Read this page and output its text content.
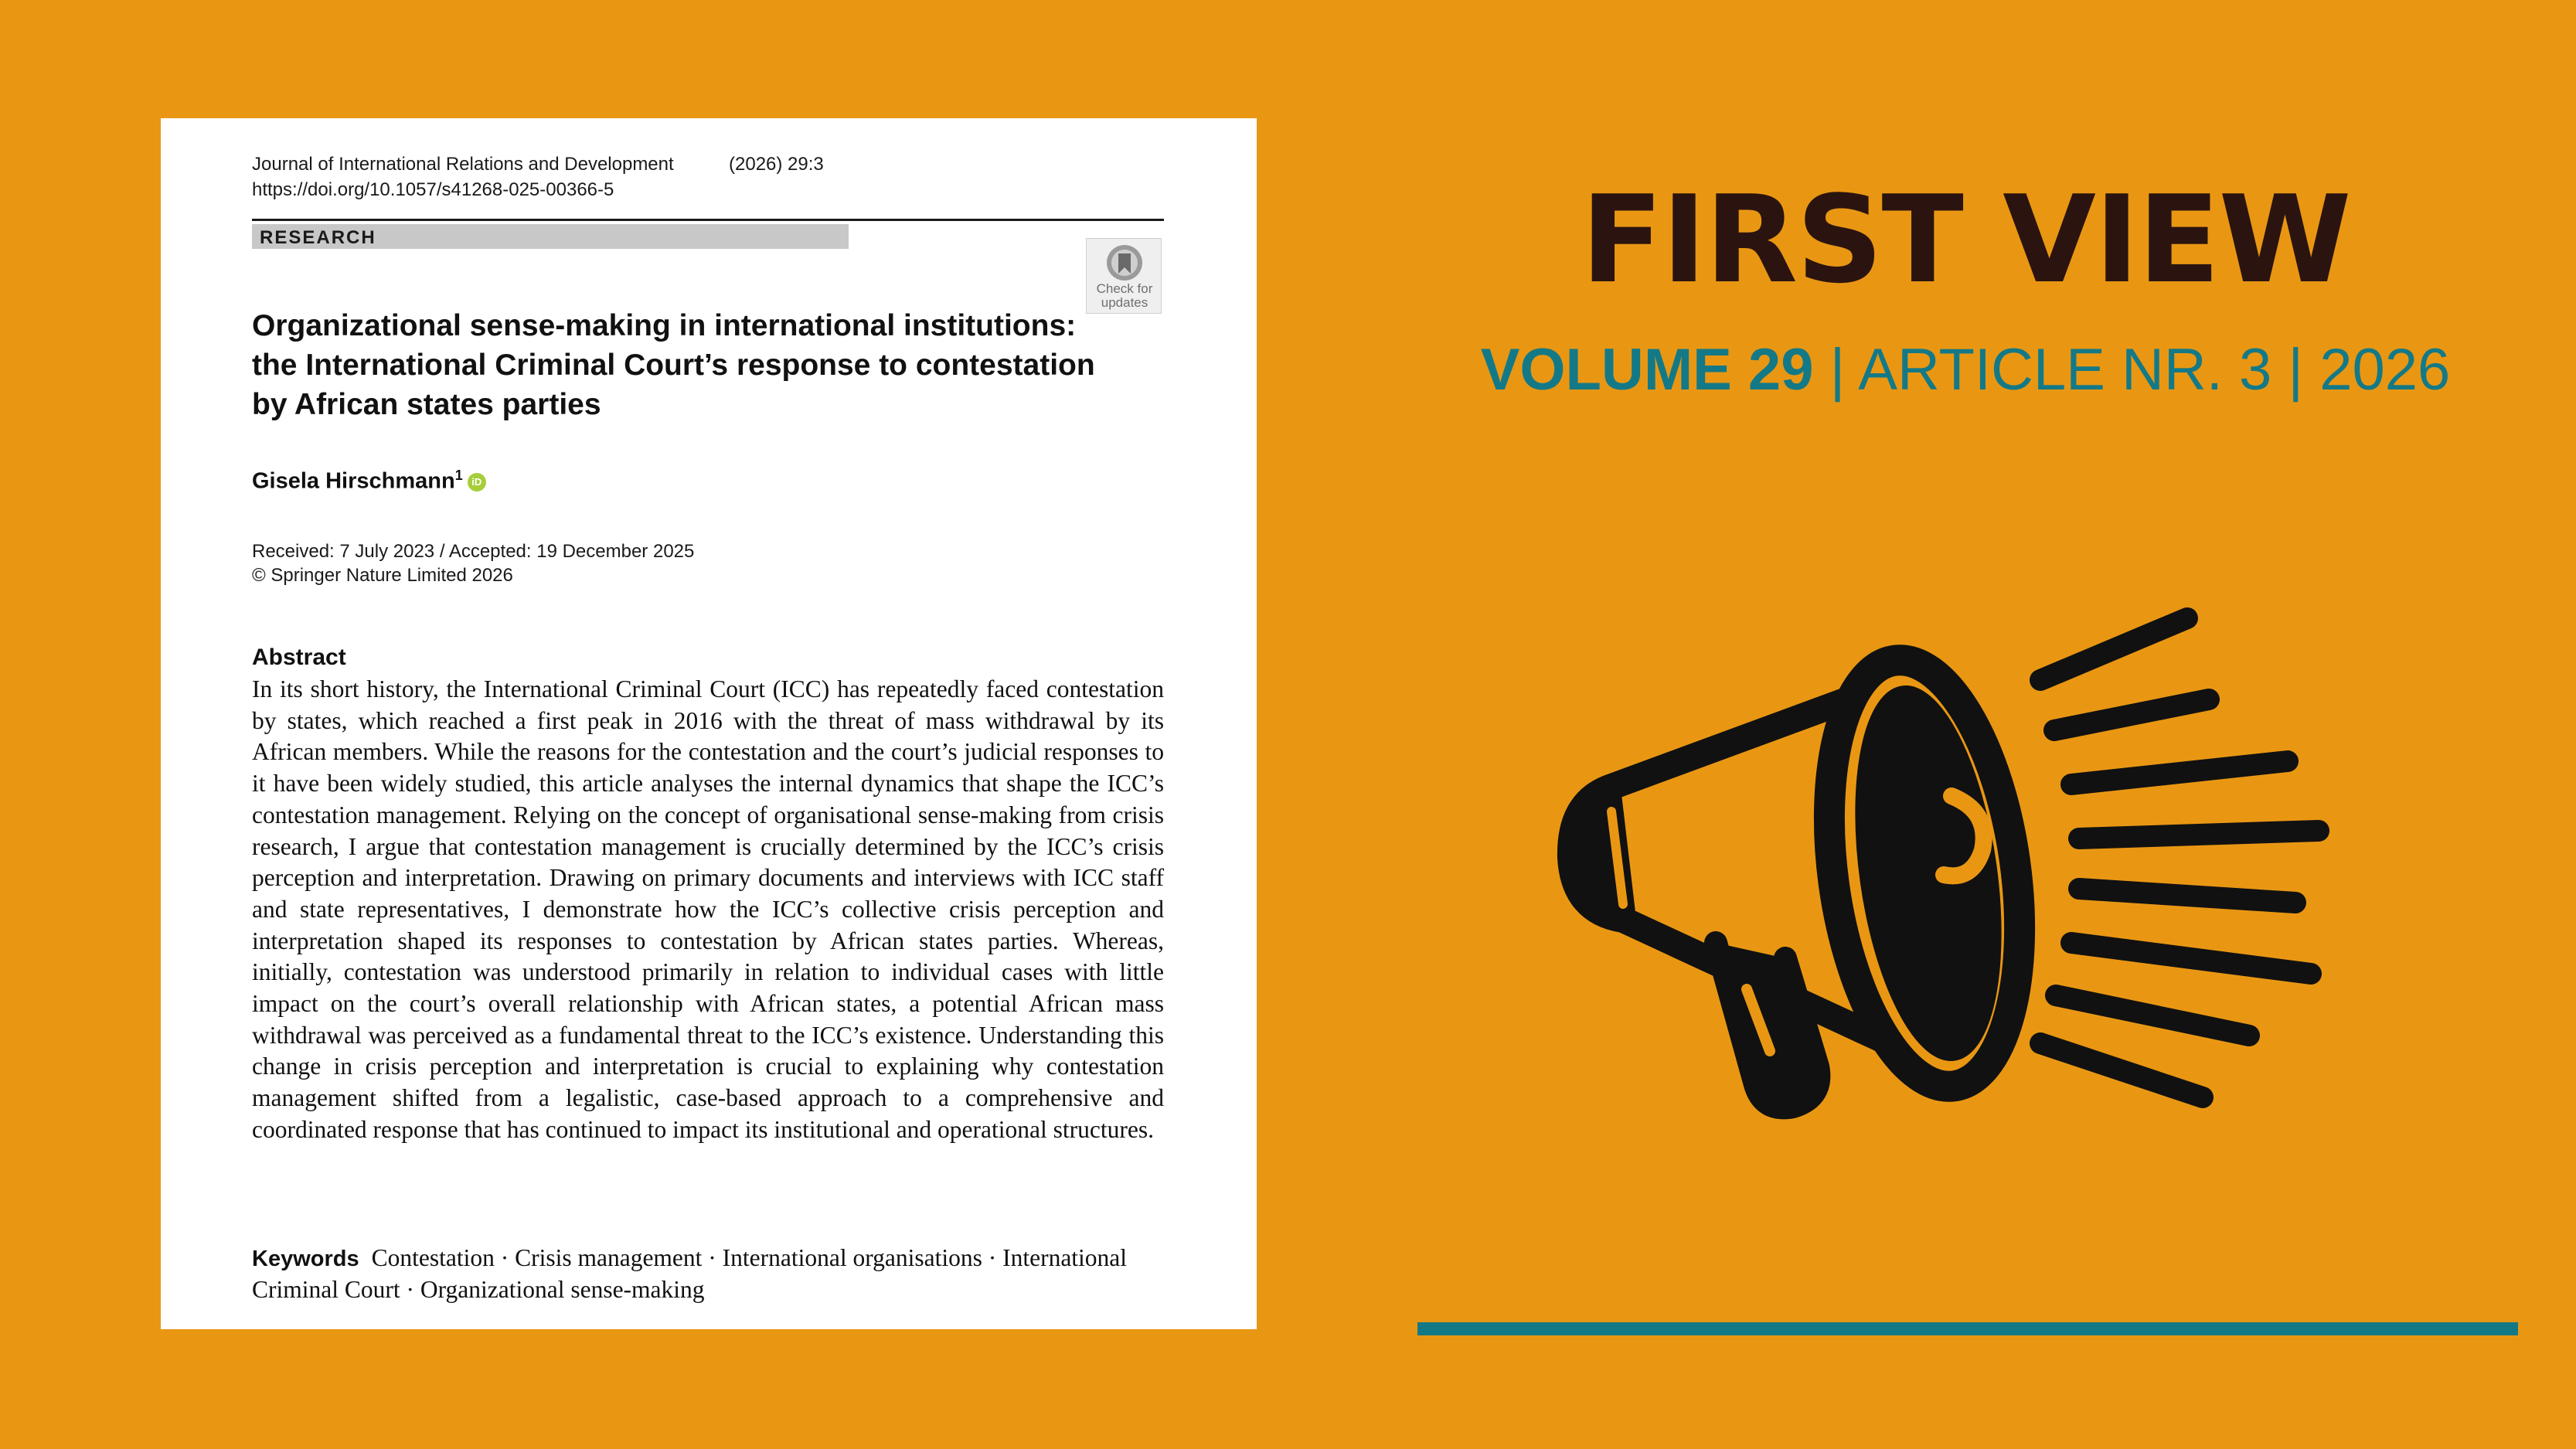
Journal of International Relations and Development	(2026) 29:3
https://doi.org/10.1057/s41268-025-00366-5
RESEARCH
Check for updates
Organizational sense-making in international institutions: the International Criminal Court’s response to contestation by African states parties
Gisela Hirschmann$^1$ iD
Received: 7 July 2023 / Accepted: 19 December 2025
© Springer Nature Limited 2026
Abstract
In its short history, the International Criminal Court (ICC) has repeatedly faced contestation by states, which reached a first peak in 2016 with the threat of mass withdrawal by its African members. While the reasons for the contestation and the court’s judicial responses to it have been widely studied, this article analyses the internal dynamics that shape the ICC’s contestation management. Relying on the concept of organisational sense-making from crisis research, I argue that contestation management is crucially determined by the ICC’s crisis perception and interpretation. Drawing on primary documents and interviews with ICC staff and state representatives, I demonstrate how the ICC’s collective crisis perception and interpretation shaped its responses to contestation by African states parties. Whereas, initially, contestation was understood primarily in relation to individual cases with little impact on the court’s overall relationship with African states, a potential African mass withdrawal was perceived as a fundamental threat to the ICC’s existence. Understanding this change in crisis perception and interpretation is crucial to explaining why contestation management shifted from a legalistic, case-based approach to a comprehensive and coordinated response that has continued to impact its institutional and operational structures.
Keywords Contestation · Crisis management · International organisations · International Criminal Court · Organizational sense-making
FIRST VIEW
VOLUME 29 | ARTICLE NR. 3 | 2026
